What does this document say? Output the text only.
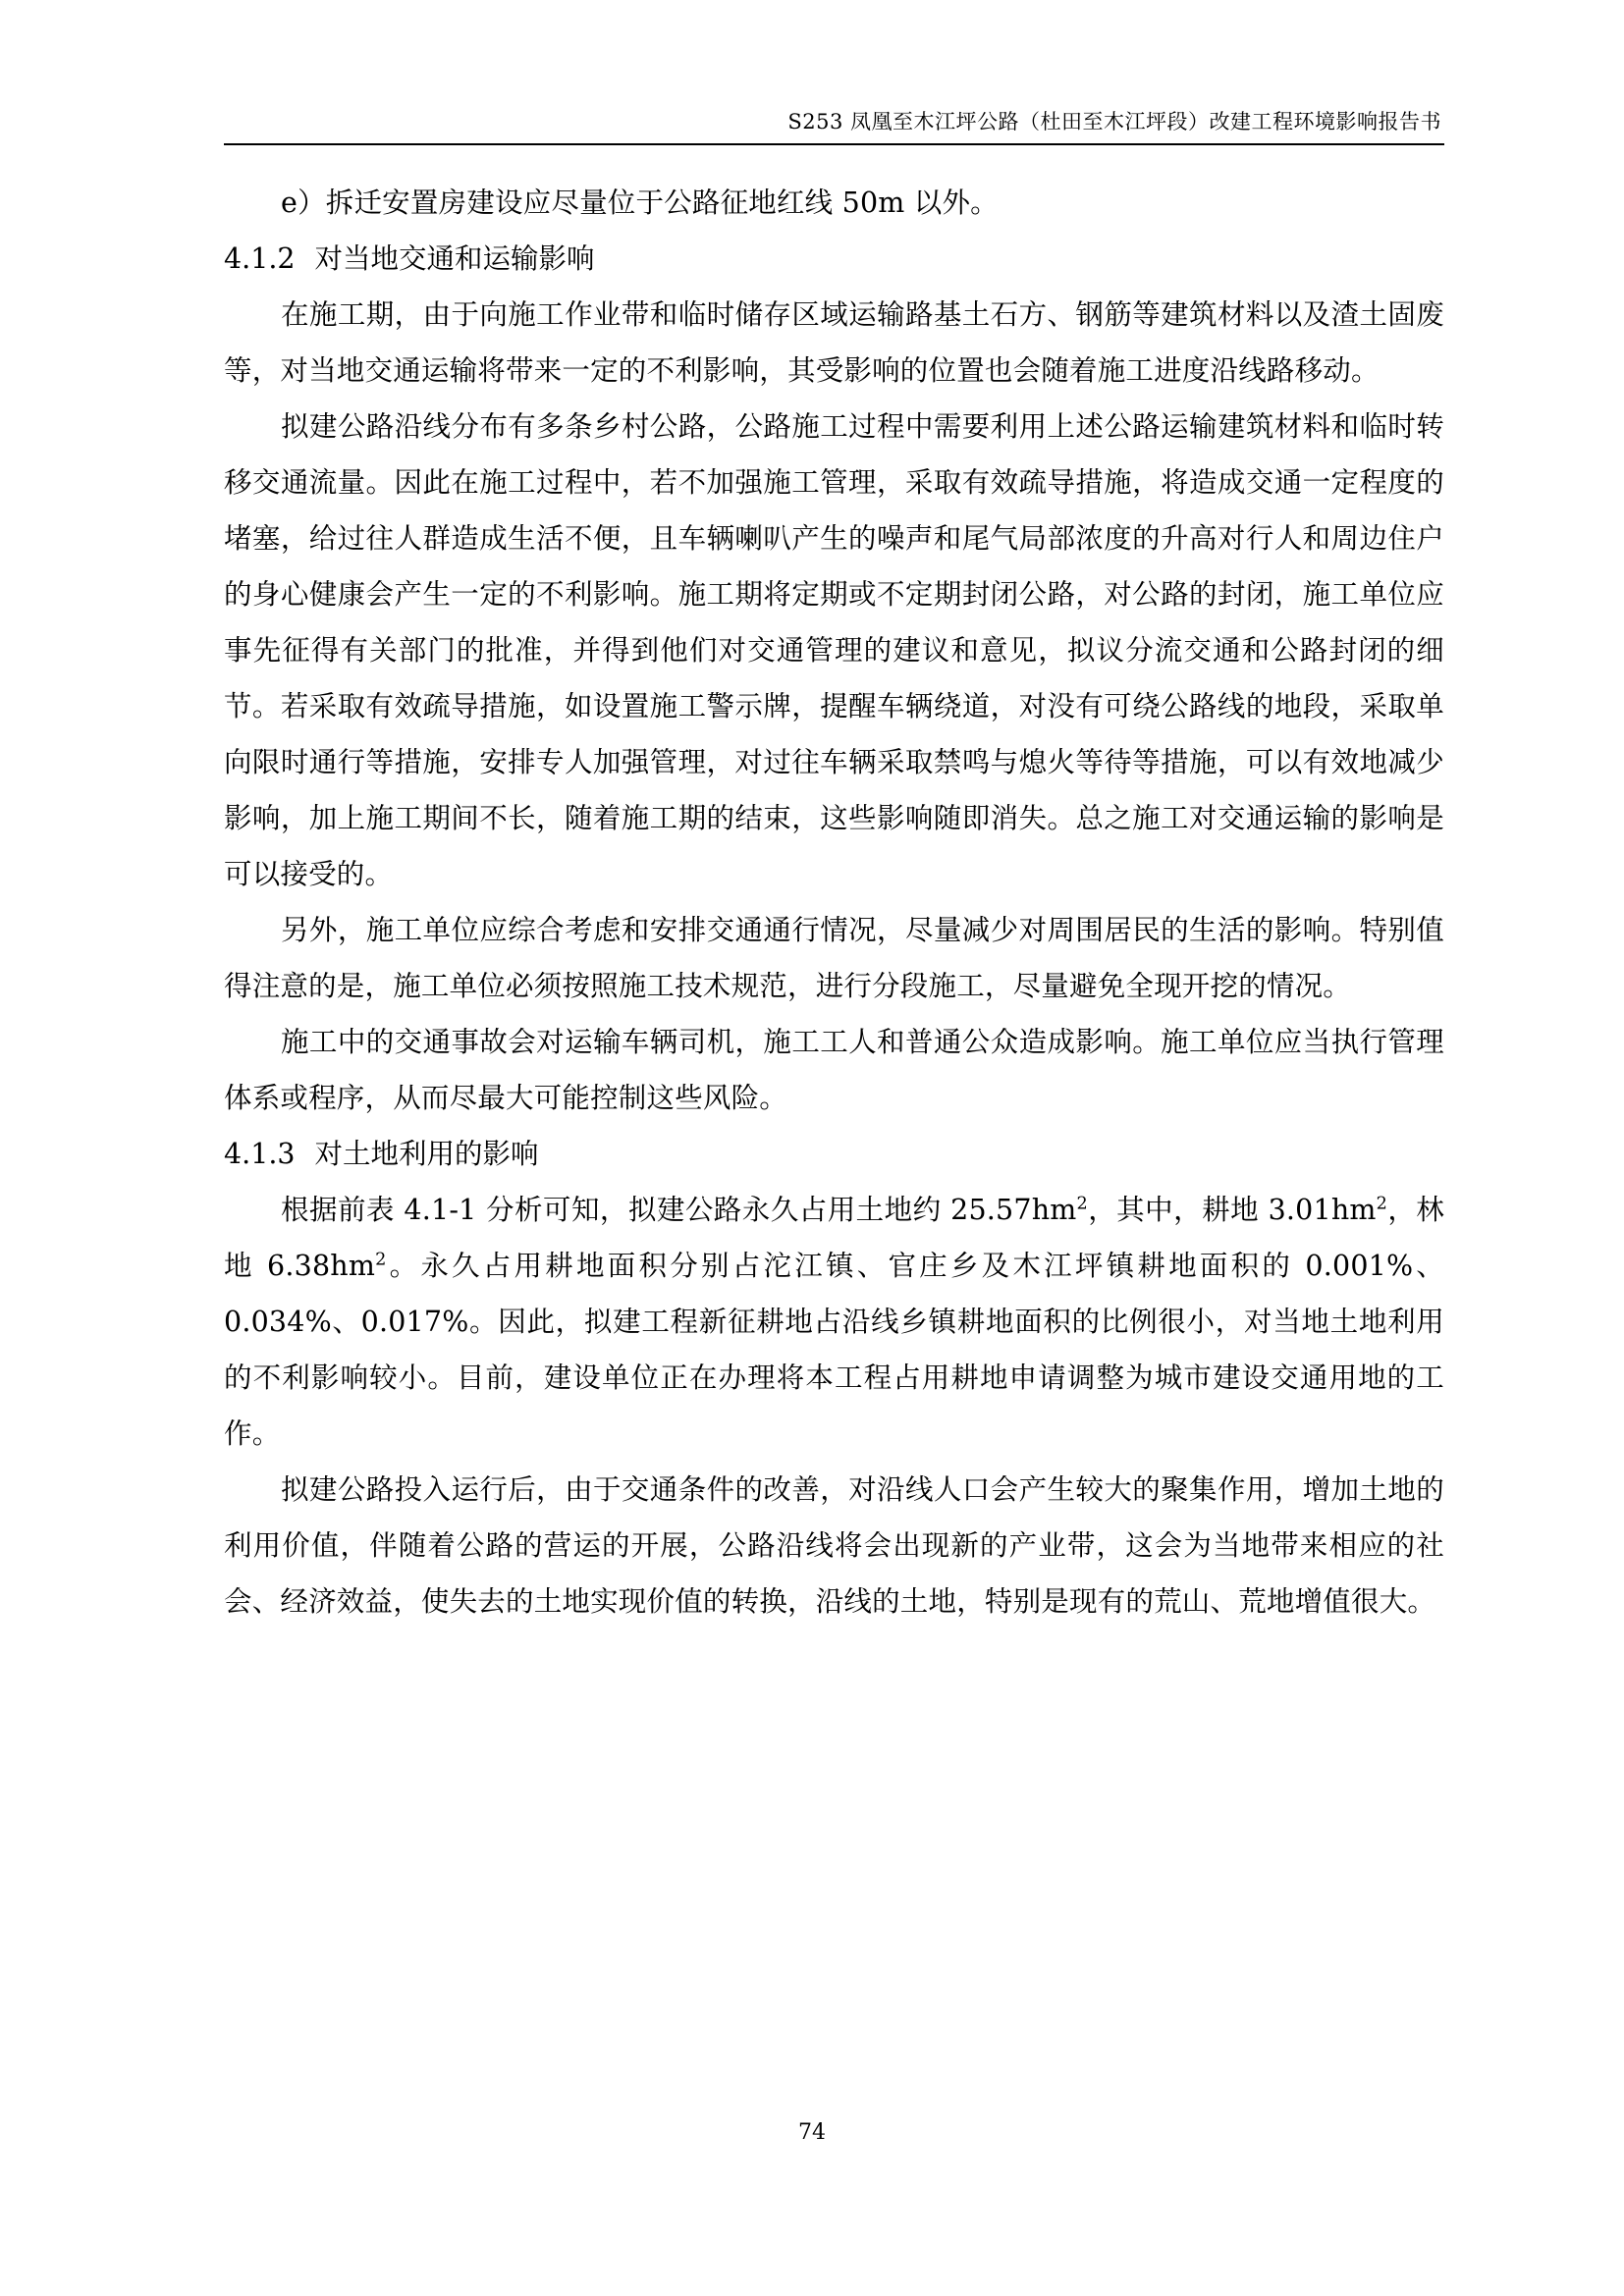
S253 凤凰至木江坪公路（杜田至木江坪段）改建工程环境影响报告书

e）拆迁安置房建设应尽量位于公路征地红线 50m 以外。

4.1.2 对当地交通和运输影响

在施工期，由于向施工作业带和临时储存区域运输路基土石方、钢筋等建筑材料以及渣土固废等，对当地交通运输将带来一定的不利影响，其受影响的位置也会随着施工进度沿线路移动。

拟建公路沿线分布有多条乡村公路，公路施工过程中需要利用上述公路运输建筑材料和临时转移交通流量。因此在施工过程中，若不加强施工管理，采取有效疏导措施，将造成交通一定程度的堵塞，给过往人群造成生活不便，且车辆喇叭产生的噪声和尾气局部浓度的升高对行人和周边住户的身心健康会产生一定的不利影响。施工期将定期或不定期封闭公路，对公路的封闭，施工单位应事先征得有关部门的批准，并得到他们对交通管理的建议和意见，拟议分流交通和公路封闭的细节。若采取有效疏导措施，如设置施工警示牌，提醒车辆绕道，对没有可绕公路线的地段，采取单向限时通行等措施，安排专人加强管理，对过往车辆采取禁鸣与熄火等待等措施，可以有效地减少影响，加上施工期间不长，随着施工期的结束，这些影响随即消失。总之施工对交通运输的影响是可以接受的。

另外，施工单位应综合考虑和安排交通通行情况，尽量减少对周围居民的生活的影响。特别值得注意的是，施工单位必须按照施工技术规范，进行分段施工，尽量避免全现开挖的情况。

施工中的交通事故会对运输车辆司机，施工工人和普通公众造成影响。施工单位应当执行管理体系或程序，从而尽最大可能控制这些风险。

4.1.3 对土地利用的影响

根据前表 4.1-1 分析可知，拟建公路永久占用土地约 $25.57hm^2$，其中，耕地 $3.01hm^2$，林地 $6.38hm^2$。永久占用耕地面积分别占沱江镇、官庄乡及木江坪镇耕地面积的 0.001%、0.034%、0.017%。因此，拟建工程新征耕地占沿线乡镇耕地面积的比例很小，对当地土地利用的不利影响较小。目前，建设单位正在办理将本工程占用耕地申请调整为城市建设交通用地的工作。

拟建公路投入运行后，由于交通条件的改善，对沿线人口会产生较大的聚集作用，增加土地的利用价值，伴随着公路的营运的开展，公路沿线将会出现新的产业带，这会为当地带来相应的社会、经济效益，使失去的土地实现价值的转换，沿线的土地，特别是现有的荒山、荒地增值很大。

74
